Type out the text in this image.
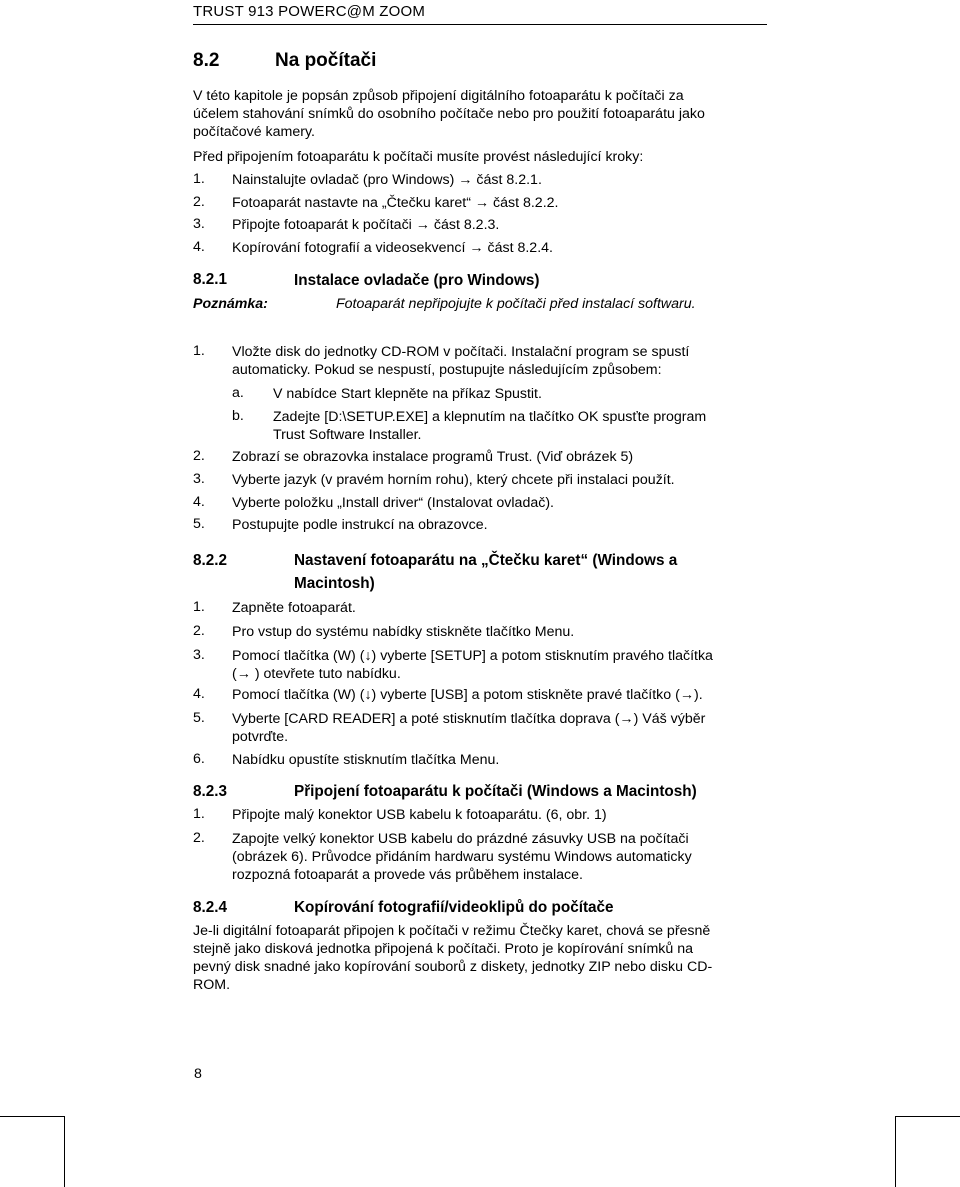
TRUST 913 POWERC@M ZOOM
8.2	Na počítači
V této kapitole je popsán způsob připojení digitálního fotoaparátu k počítači za
účelem stahování snímků do osobního počítače nebo pro použití fotoaparátu jako
počítačové kamery.
Před připojením fotoaparátu k počítači musíte provést následující kroky:
1. Nainstalujte ovladač (pro Windows) → část 8.2.1.
2. Fotoaparát nastavte na „Čtečku karet“ → část 8.2.2.
3. Připojte fotoaparát k počítači → část 8.2.3.
4. Kopírování fotografií a videosekvencí → část 8.2.4.
8.2.1	Instalace ovladače (pro Windows)
Poznámka:	Fotoaparát nepřipojujte k počítači před instalací softwaru.
1. Vložte disk do jednotky CD-ROM v počítači. Instalační program se spustí
automaticky. Pokud se nespustí, postupujte následujícím způsobem:
a. V nabídce Start klepněte na příkaz Spustit.
b. Zadejte [D:\SETUP.EXE] a klepnutím na tlačítko OK spusťte program
Trust Software Installer.
2. Zobrazí se obrazovka instalace programů Trust. (Viď obrázek 5)
3. Vyberte jazyk (v pravém horním rohu), který chcete při instalaci použít.
4. Vyberte položku „Install driver“ (Instalovat ovladač).
5. Postupujte podle instrukcí na obrazovce.
8.2.2	Nastavení fotoaparátu na „Čtečku karet“ (Windows a
Macintosh)
1. Zapněte fotoaparát.
2. Pro vstup do systému nabídky stiskněte tlačítko Menu.
3. Pomocí tlačítka (W) (↓) vyberte [SETUP] a potom stisknutím pravého tlačítka
(→ ) otevřete tuto nabídku.
4. Pomocí tlačítka (W) (↓) vyberte [USB] a potom stiskněte pravé tlačítko (→).
5. Vyberte [CARD READER] a poté stisknutím tlačítka doprava (→) Váš výběr
potvrďte.
6. Nabídku opustíte stisknutím tlačítka Menu.
8.2.3	Připojení fotoaparátu k počítači (Windows a Macintosh)
1. Připojte malý konektor USB kabelu k fotoaparátu. (6, obr. 1)
2. Zapojte velký konektor USB kabelu do prázdné zásuvky USB na počítači
(obrázek 6). Průvodce přidáním hardwaru systému Windows automaticky
rozpozná fotoaparát a provede vás průběhem instalace.
8.2.4	Kopírování fotografií/videoklipů do počítače
Je-li digitální fotoaparát připojen k počítači v režimu Čtečky karet, chová se přesně
stejně jako disková jednotka připojená k počítači. Proto je kopírování snímků na
pevný disk snadné jako kopírování souborů z diskety, jednotky ZIP nebo disku CD-
ROM.
8
